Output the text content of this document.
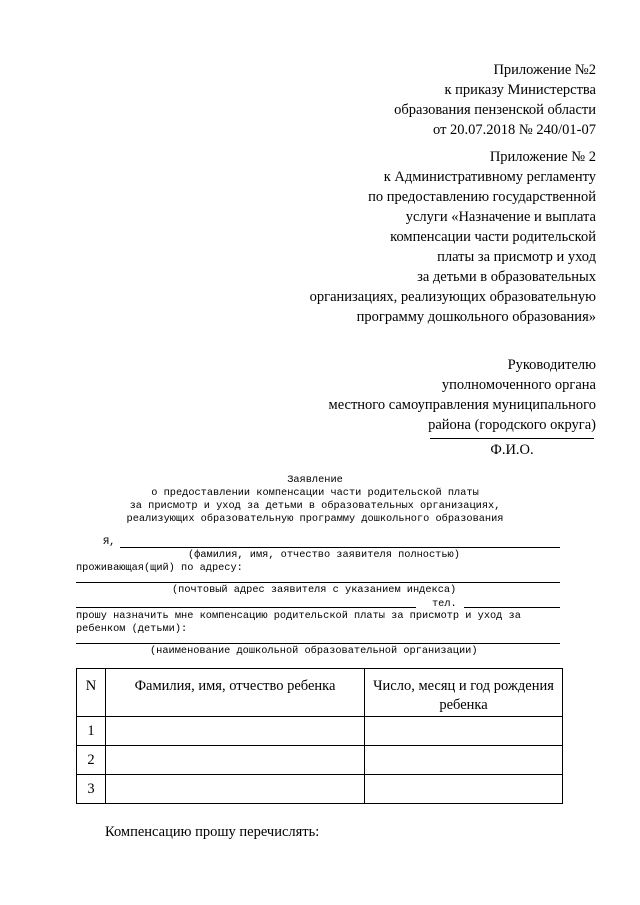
Приложение №2
к приказу Министерства
образования пензенской области
от 20.07.2018 № 240/01-07
Приложение № 2
к Административному регламенту
по предоставлению государственной
услуги «Назначение и выплата
компенсации части родительской
платы за присмотр и уход
за детьми в образовательных
организациях, реализующих образовательную
программу дошкольного образования»
Руководителю
уполномоченного органа
местного самоуправления муниципального
района (городского округа)
Ф.И.О.
Заявление
о предоставлении компенсации части родительской платы
за присмотр и уход за детьми в образовательных организациях,
реализующих образовательную программу дошкольного образования
Я,
(фамилия, имя, отчество заявителя полностью)
проживающая(щий) по адресу:
(почтовый адрес заявителя с указанием индекса)
тел.
прошу назначить мне компенсацию родительской платы за присмотр и уход за
ребенком (детьми):
(наименование дошкольной образовательной организации)
N	Фамилия, имя, отчество ребенка	Число, месяц и год рождения ребенка
1		
2		
3		
Компенсацию прошу перечислять:
